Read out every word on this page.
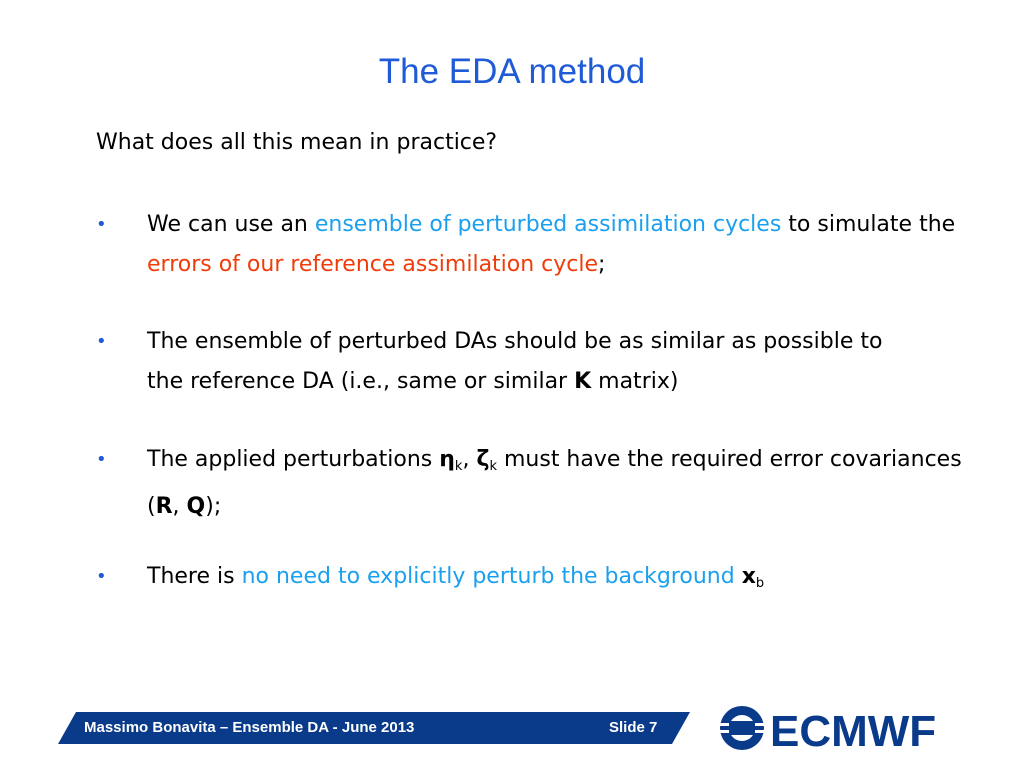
The EDA method
What does all this mean in practice?
• We can use an ensemble of perturbed assimilation cycles to simulate the errors of our reference assimilation cycle;
• The ensemble of perturbed DAs should be as similar as possible to the reference DA (i.e., same or similar K matrix)
• The applied perturbations $\eta_k$, $\zeta_k$ must have the required error covariances (R, Q);
• There is no need to explicitly perturb the background $x_b$
Massimo Bonavita – Ensemble DA - June 2013	Slide 7	ECMWF
